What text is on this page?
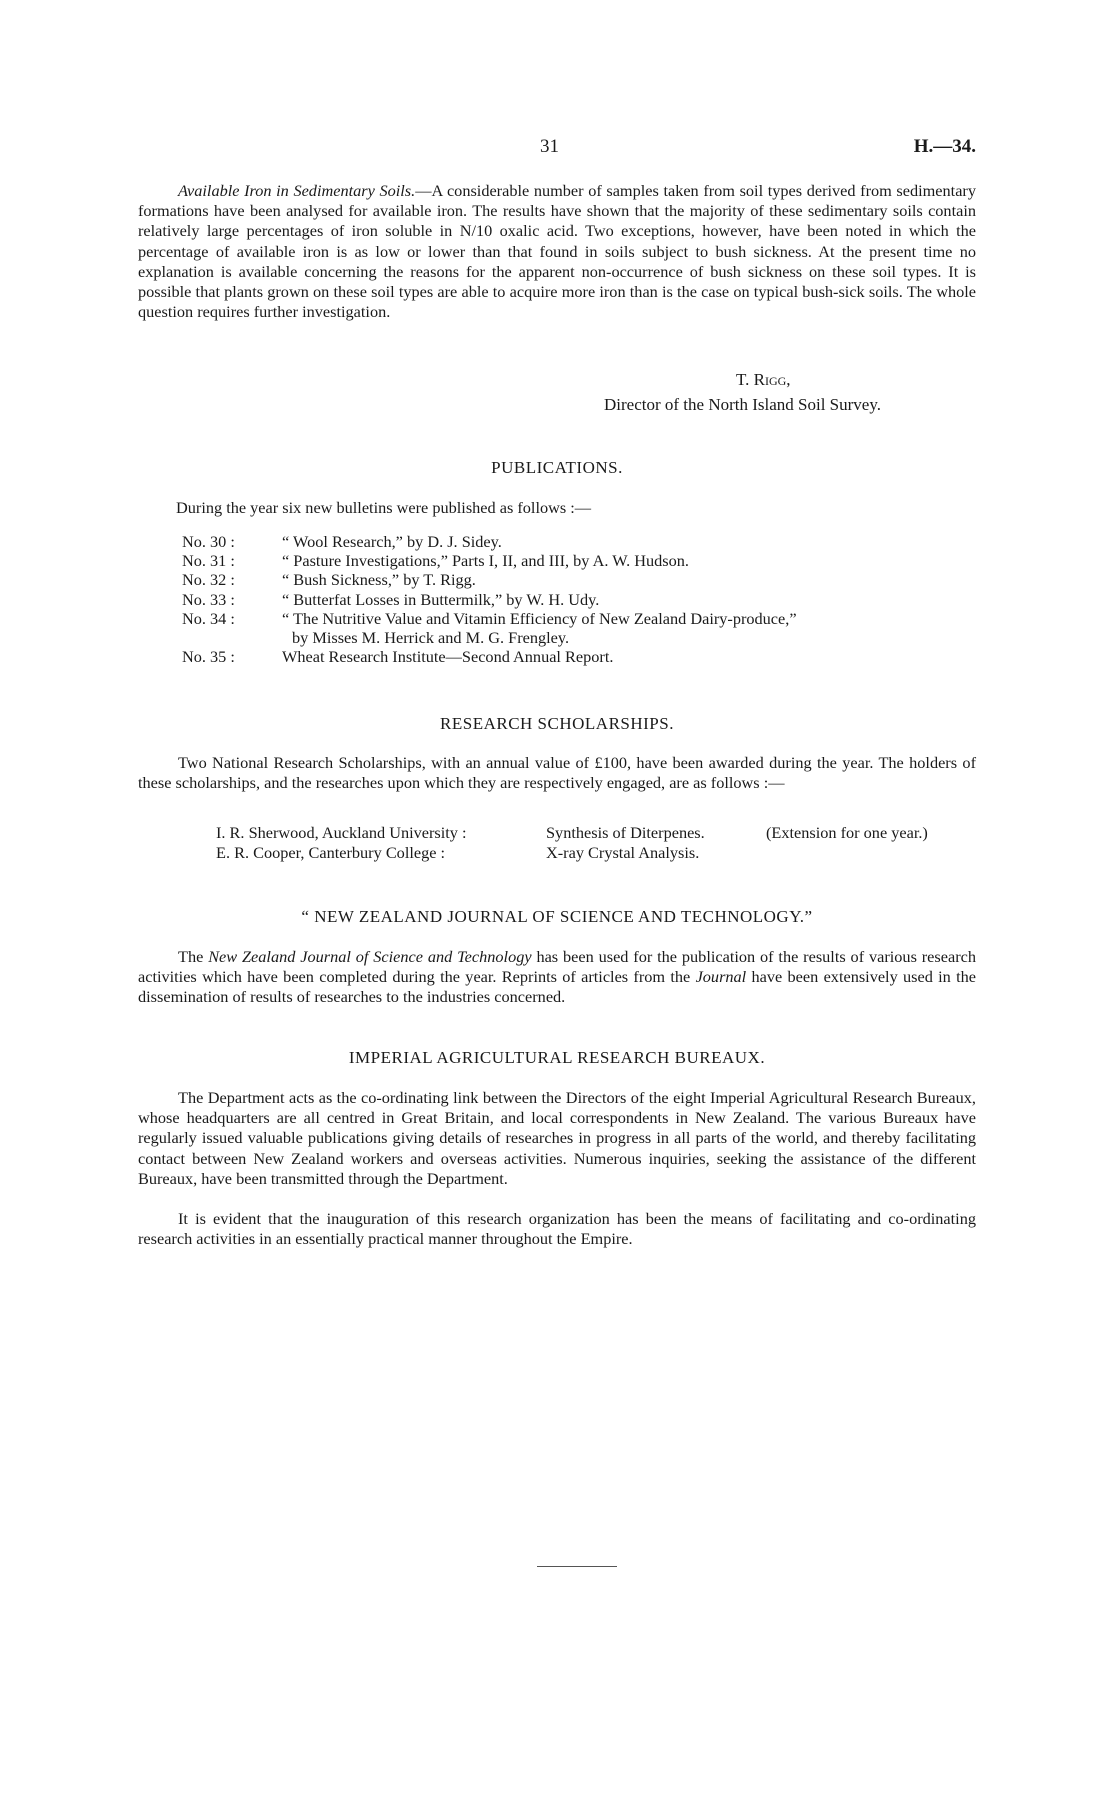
31	H.—34.
Available Iron in Sedimentary Soils.—A considerable number of samples taken from soil types derived from sedimentary formations have been analysed for available iron. The results have shown that the majority of these sedimentary soils contain relatively large percentages of iron soluble in N/10 oxalic acid. Two exceptions, however, have been noted in which the percentage of available iron is as low or lower than that found in soils subject to bush sickness. At the present time no explanation is available concerning the reasons for the apparent non-occurrence of bush sickness on these soil types. It is possible that plants grown on these soil types are able to acquire more iron than is the case on typical bush-sick soils. The whole question requires further investigation.
T. Rigg,
Director of the North Island Soil Survey.
PUBLICATIONS.
During the year six new bulletins were published as follows :—
No. 30 :	“ Wool Research,” by D. J. Sidey.
No. 31 :	“ Pasture Investigations,” Parts I, II, and III, by A. W. Hudson.
No. 32 :	“ Bush Sickness,” by T. Rigg.
No. 33 :	“ Butterfat Losses in Buttermilk,” by W. H. Udy.
No. 34 :	“ The Nutritive Value and Vitamin Efficiency of New Zealand Dairy-produce,”
by Misses M. Herrick and M. G. Frengley.
No. 35 :	Wheat Research Institute—Second Annual Report.
RESEARCH SCHOLARSHIPS.
Two National Research Scholarships, with an annual value of £100, have been awarded during the year. The holders of these scholarships, and the researches upon which they are respectively engaged, are as follows :—
I. R. Sherwood, Auckland University :	Synthesis of Diterpenes.	(Extension for one year.)
E. R. Cooper, Canterbury College :	X-ray Crystal Analysis.
“ NEW ZEALAND JOURNAL OF SCIENCE AND TECHNOLOGY.”
The New Zealand Journal of Science and Technology has been used for the publication of the results of various research activities which have been completed during the year. Reprints of articles from the Journal have been extensively used in the dissemination of results of researches to the industries concerned.
IMPERIAL AGRICULTURAL RESEARCH BUREAUX.
The Department acts as the co-ordinating link between the Directors of the eight Imperial Agricultural Research Bureaux, whose headquarters are all centred in Great Britain, and local correspondents in New Zealand. The various Bureaux have regularly issued valuable publications giving details of researches in progress in all parts of the world, and thereby facilitating contact between New Zealand workers and overseas activities. Numerous inquiries, seeking the assistance of the different Bureaux, have been transmitted through the Department.
It is evident that the inauguration of this research organization has been the means of facilitating and co-ordinating research activities in an essentially practical manner throughout the Empire.
